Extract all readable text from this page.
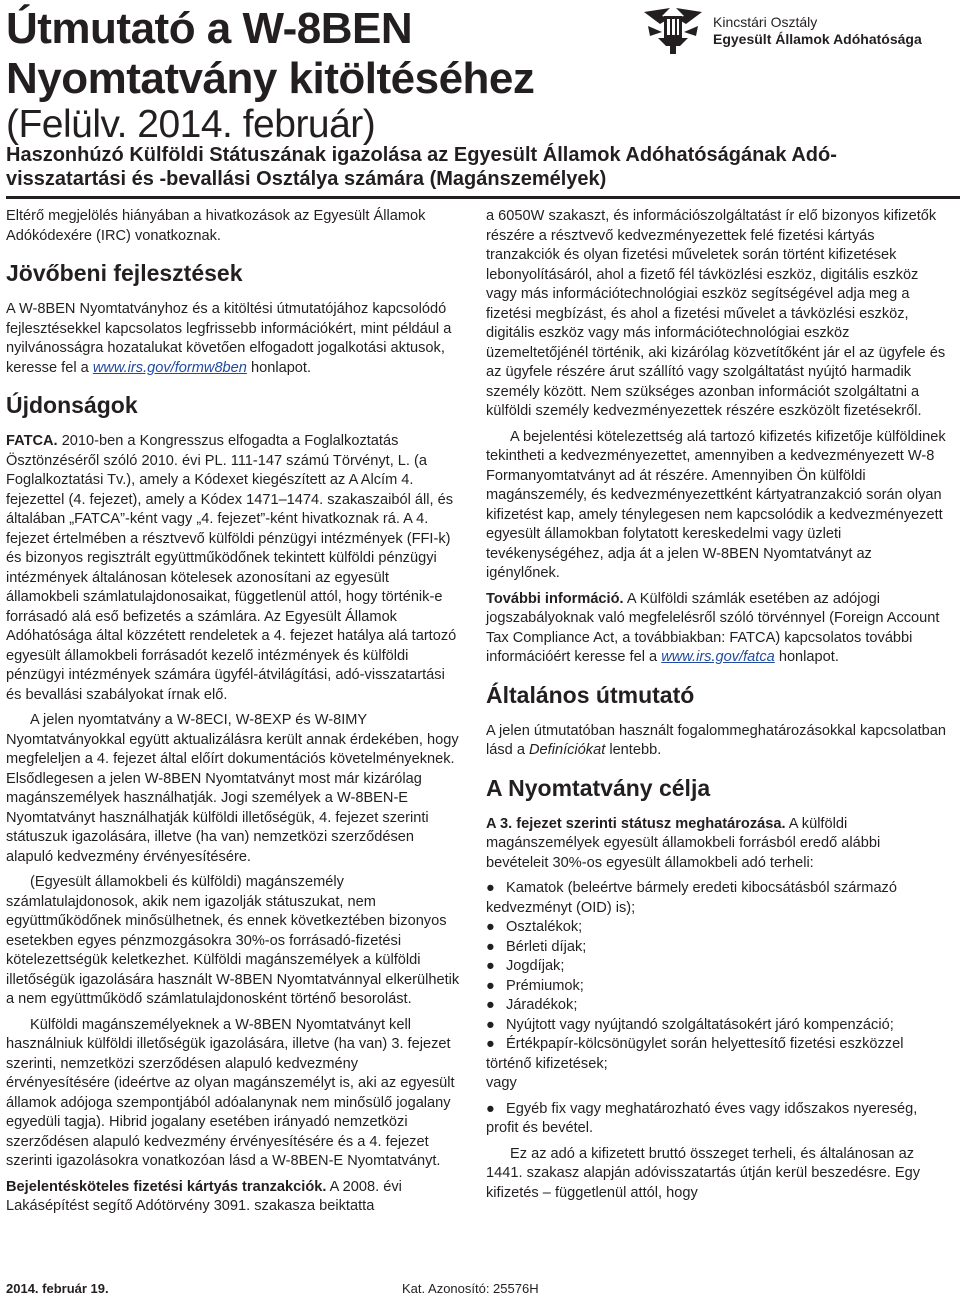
Útmutató a W-8BEN
Nyomtatvány kitöltéséhez
(Felülv. 2014. február)
Kincstári Osztály
Egyesült Államok Adóhatósága
Haszonhúzó Külföldi Státuszának igazolása az Egyesült Államok Adóhatóságának Adó-visszatartási és -bevallási Osztálya számára (Magánszemélyek)

Eltérő megjelölés hiányában a hivatkozások az Egyesült Államok Adókódexére (IRC) vonatkoznak.

Jövőbeni fejlesztések

A W-8BEN Nyomtatványhoz és a kitöltési útmutatójához kapcsolódó fejlesztésekkel kapcsolatos legfrissebb információkért, mint például a nyilvánosságra hozatalukat követően elfogadott jogalkotási aktusok, keresse fel a www.irs.gov/formw8ben honlapot.

Újdonságok

FATCA. 2010-ben a Kongresszus elfogadta a Foglalkoztatás Ösztönzéséről szóló 2010. évi PL. 111-147 számú Törvényt, L. (a Foglalkoztatási Tv.), amely a Kódexet kiegészített az A Alcím 4. fejezettel (4. fejezet), amely a Kódex 1471–1474. szakaszaiból áll, és általában „FATCA”-ként vagy „4. fejezet”-ként hivatkoznak rá. A 4. fejezet értelmében a résztvevő külföldi pénzügyi intézmények (FFI-k) és bizonyos regisztrált együttműködőnek tekintett külföldi pénzügyi intézmények általánosan kötelesek azonosítani az egyesült államokbeli számlatulajdonosaikat, függetlenül attól, hogy történik-e forrásadó alá eső befizetés a számlára. Az Egyesült Államok Adóhatósága által közzétett rendeletek a 4. fejezet hatálya alá tartozó egyesült államokbeli forrásadót kezelő intézmények és külföldi pénzügyi intézmények számára ügyfél-átvilágítási, adó-visszatartási és bevallási szabályokat írnak elő.

A jelen nyomtatvány a W-8ECI, W-8EXP és W-8IMY Nyomtatványokkal együtt aktualizálásra került annak érdekében, hogy megfeleljen a 4. fejezet által előírt dokumentációs követelményeknek. Elsődlegesen a jelen W-8BEN Nyomtatványt most már kizárólag magánszemélyek használhatják. Jogi személyek a W-8BEN-E Nyomtatványt használhatják külföldi illetőségük, 4. fejezet szerinti státuszuk igazolására, illetve (ha van) nemzetközi szerződésen alapuló kedvezmény érvényesítésére.

(Egyesült államokbeli és külföldi) magánszemély számlatulajdonosok, akik nem igazolják státuszukat, nem együttműködőnek minősülhetnek, és ennek következtében bizonyos esetekben egyes pénzmozgásokra 30%-os forrásadó-fizetési kötelezettségük keletkezhet. Külföldi magánszemélyek a külföldi illetőségük igazolására használt W-8BEN Nyomtatvánnyal elkerülhetik a nem együttműködő számlatulajdonosként történő besorolást.

Külföldi magánszemélyeknek a W-8BEN Nyomtatványt kell használniuk külföldi illetőségük igazolására, illetve (ha van) 3. fejezet szerinti, nemzetközi szerződésen alapuló kedvezmény érvényesítésére (ideértve az olyan magánszemélyt is, aki az egyesült államok adójoga szempontjából adóalanynak nem minősülő jogalany egyedüli tagja). Hibrid jogalany esetében irányadó nemzetközi szerződésen alapuló kedvezmény érvényesítésére és a 4. fejezet szerinti igazolásokra vonatkozóan lásd a W-8BEN-E Nyomtatványt.

Bejelentésköteles fizetési kártyás tranzakciók. A 2008. évi Lakásépítést segítő Adótörvény 3091. szakasza beiktatta

a 6050W szakaszt, és információszolgáltatást ír elő bizonyos kifizetők részére a résztvevő kedvezményezettek felé fizetési kártyás tranzakciók és olyan fizetési műveletek során történt kifizetések lebonyolításáról, ahol a fizető fél távközlési eszköz, digitális eszköz vagy más információtechnológiai eszköz segítségével adja meg a fizetési megbízást, és ahol a fizetési művelet a távközlési eszköz, digitális eszköz vagy más információtechnológiai eszköz üzemeltetőjénél történik, aki kizárólag közvetítőként jár el az ügyfele és az ügyfele részére árut szállító vagy szolgáltatást nyújtó harmadik személy között. Nem szükséges azonban információt szolgáltatni a külföldi személy kedvezményezettek részére eszközölt fizetésekről.

A bejelentési kötelezettség alá tartozó kifizetés kifizetője külföldinek tekintheti a kedvezményezettet, amennyiben a kedvezményezett W-8 Formanyomtatványt ad át részére. Amennyiben Ön külföldi magánszemély, és kedvezményezettként kártyatranzakció során olyan kifizetést kap, amely ténylegesen nem kapcsolódik a kedvezményezett egyesült államokban folytatott kereskedelmi vagy üzleti tevékenységéhez, adja át a jelen W-8BEN Nyomtatványt az igénylőnek.

További információ. A Külföldi számlák esetében az adójogi jogszabályoknak való megfelelésről szóló törvénnyel (Foreign Account Tax Compliance Act, a továbbiakban: FATCA) kapcsolatos további információért keresse fel a www.irs.gov/fatca honlapot.

Általános útmutató

A jelen útmutatóban használt fogalommeghatározásokkal kapcsolatban lásd a Definíciókat lentebb.

A Nyomtatvány célja

A 3. fejezet szerinti státusz meghatározása. A külföldi magánszemélyek egyesült államokbeli forrásból eredő alábbi bevételeit 30%-os egyesült államokbeli adó terheli:

● Kamatok (beleértve bármely eredeti kibocsátásból származó kedvezményt (OID) is);
● Osztalékok;
● Bérleti díjak;
● Jogdíjak;
● Prémiumok;
● Járadékok;
● Nyújtott vagy nyújtandó szolgáltatásokért járó kompenzáció;
● Értékpapír-kölcsönügylet során helyettesítő fizetési eszközzel történő kifizetések;

vagy

● Egyéb fix vagy meghatározható éves vagy időszakos nyereség, profit és bevétel.

Ez az adó a kifizetett bruttó összeget terheli, és általánosan az 1441. szakasz alapján adóvisszatartás útján kerül beszedésre. Egy kifizetés – függetlenül attól, hogy

2014. február 19.	Kat. Azonosító: 25576H
